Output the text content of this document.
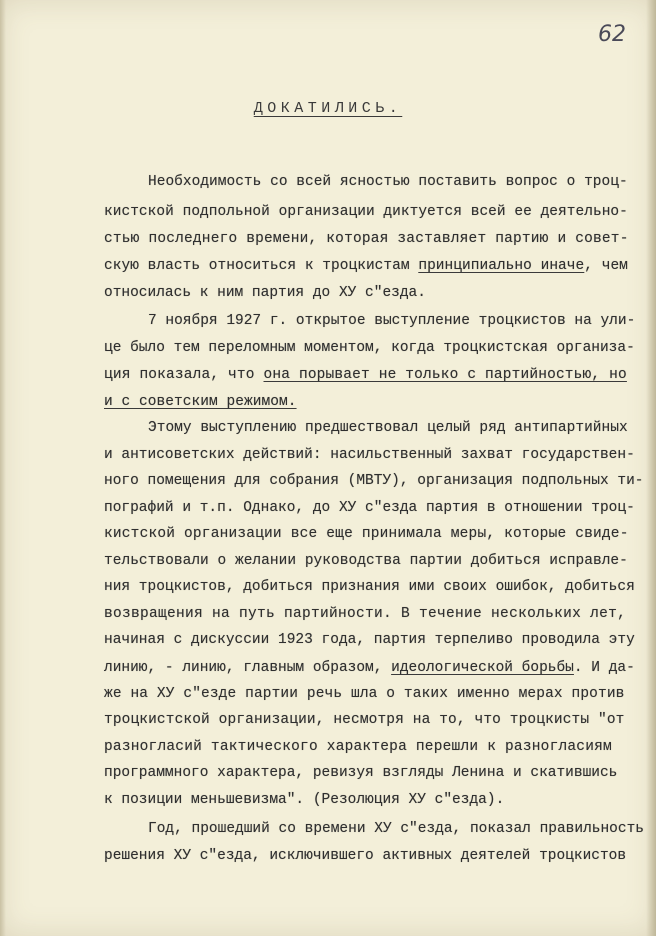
62
ДОКАТИЛИСЬ.
Необходимость со всей ясностью поставить вопрос о троц-
кистской подпольной организации диктуется всей ее деятельно-
стью последнего времени, которая заставляет партию и совет-
скую власть относиться к троцкистам принципиально иначе, чем
относилась к ним партия до ХУ с"езда.
7 ноября 1927 г. открытое выступление троцкистов на ули-
це было тем переломным моментом, когда троцкистская организа-
ция показала, что она порывает не только с партийностью, но
и с советским режимом.
Этому выступлению предшествовал целый ряд антипартийных
и антисоветских действий: насильственный захват государствен-
ного помещения для собрания (МВТУ), организация подпольных ти-
пографий и т.п. Однако, до ХУ с"езда партия в отношении троц-
кистской организации все еще принимала меры, которые свиде-
тельствовали о желании руководства партии добиться исправле-
ния троцкистов, добиться признания ими своих ошибок, добиться
возвращения на путь партийности. В течение нескольких лет,
начиная с дискуссии 1923 года, партия терпеливо проводила эту
линию, - линию, главным образом, идеологической борьбы. И да-
же на ХУ с"езде партии речь шла о таких именно мерах против
троцкистской организации, несмотря на то, что троцкисты "от
разногласий тактического характера перешли к разногласиям
программного характера, ревизуя взгляды Ленина и скатившись
к позиции меньшевизма". (Резолюция ХУ с"езда).
Год, прошедший со времени ХУ с"езда, показал правильность
решения ХУ с"езда, исключившего активных деятелей троцкистов
